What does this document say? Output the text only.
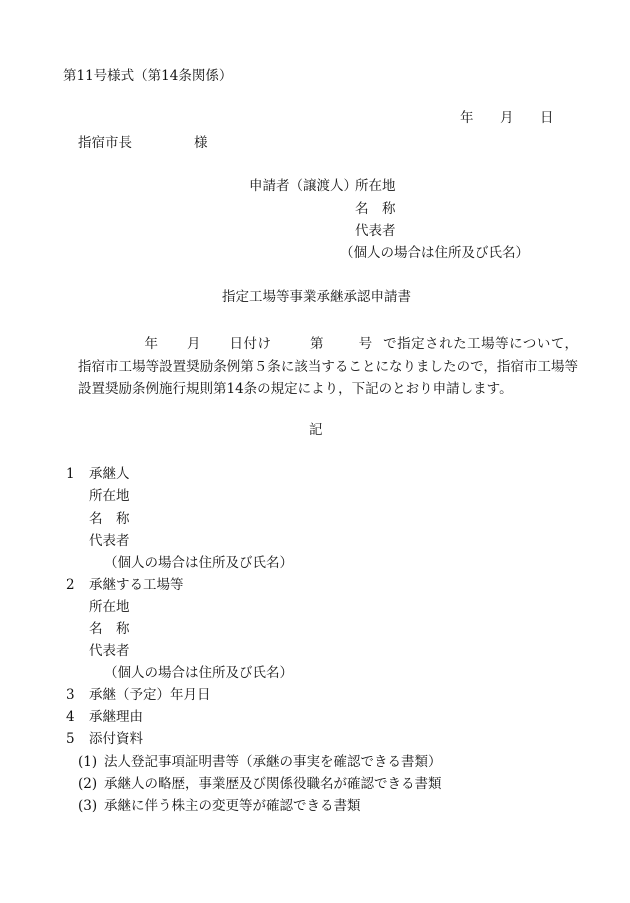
第11号様式（第14条関係）
年 月 日
指宿市長	様
申請者（譲渡人）
所在地
名　称
代表者
（個人の場合は住所及び氏名）
指定工場等事業承継承認申請書
年 月 日付け	第	号 で指定された工場等について，指宿市工場等設置奨励条例第５条に該当することになりましたので，指宿市工場等設置奨励条例施行規則第14条の規定により，下記のとおり申請します。
記
1 承継人
所在地
名　称
代表者
（個人の場合は住所及び氏名）
2 承継する工場等
所在地
名　称
代表者
（個人の場合は住所及び氏名）
3 承継（予定）年月日
4 承継理由
5 添付資料
(1) 法人登記事項証明書等（承継の事実を確認できる書類）
(2) 承継人の略歴，事業歴及び関係役職名が確認できる書類
(3) 承継に伴う株主の変更等が確認できる書類
